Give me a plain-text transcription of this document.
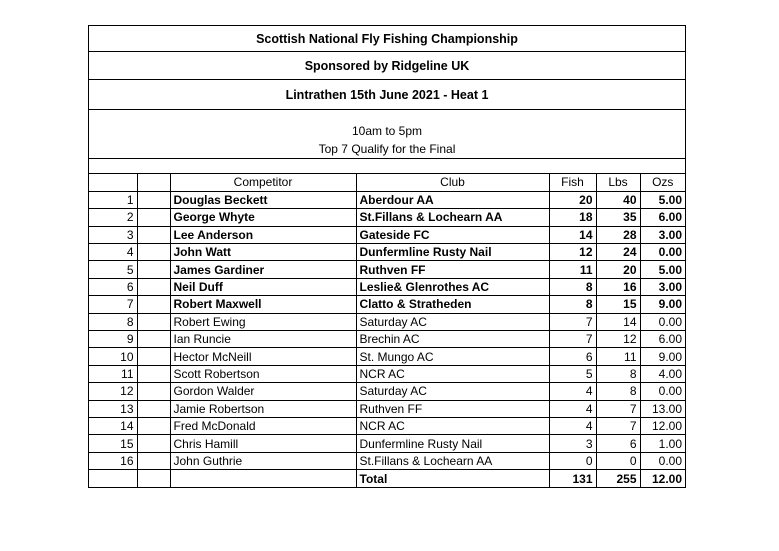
Scottish National Fly Fishing Championship
Sponsored by Ridgeline UK
Lintrathen 15th June 2021 - Heat 1
10am to 5pm
Top 7 Qualify for the Final
		Competitor	Club	Fish	Lbs	Ozs
1		Douglas Beckett	Aberdour AA	20	40	5.00
2		George Whyte	St.Fillans & Lochearn AA	18	35	6.00
3		Lee Anderson	Gateside FC	14	28	3.00
4		John Watt	Dunfermline Rusty Nail	12	24	0.00
5		James Gardiner	Ruthven FF	11	20	5.00
6		Neil Duff	Leslie& Glenrothes AC	8	16	3.00
7		Robert Maxwell	Clatto & Stratheden	8	15	9.00
8		Robert Ewing	Saturday AC	7	14	0.00
9		Ian Runcie	Brechin AC	7	12	6.00
10		Hector McNeill	St. Mungo AC	6	11	9.00
11		Scott Robertson	NCR AC	5	8	4.00
12		Gordon Walder	Saturday AC	4	8	0.00
13		Jamie Robertson	Ruthven FF	4	7	13.00
14		Fred McDonald	NCR AC	4	7	12.00
15		Chris Hamill	Dunfermline Rusty Nail	3	6	1.00
16		John Guthrie	St.Fillans & Lochearn AA	0	0	0.00
			Total	131	255	12.00
